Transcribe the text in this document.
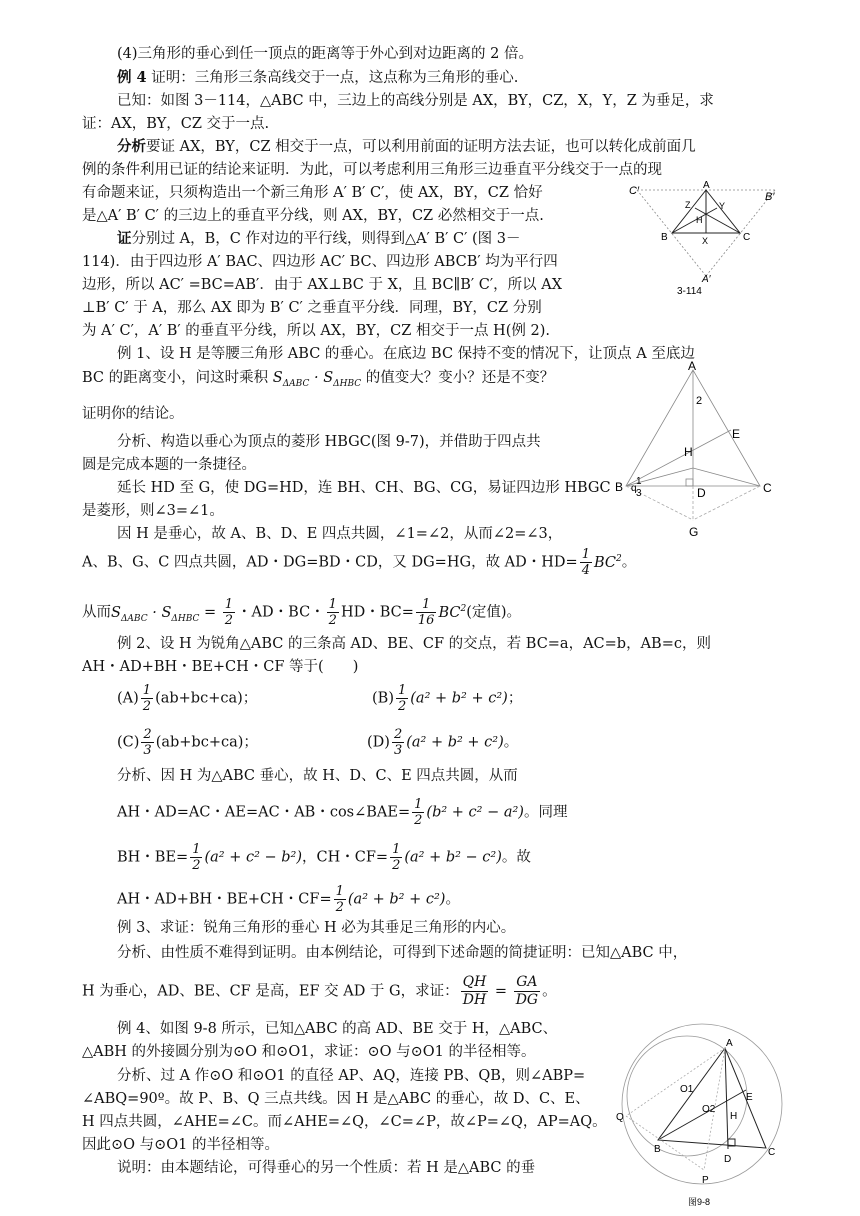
(4)三角形的垂心到任一顶点的距离等于外心到对边距离的 2 倍。
例 4 证明：三角形三条高线交于一点，这点称为三角形的垂心.
已知：如图 3－114，△ABC 中，三边上的高线分别是 AX，BY，CZ，X，Y，Z 为垂足，求
证：AX，BY，CZ 交于一点.
分析要证 AX，BY，CZ 相交于一点，可以利用前面的证明方法去证，也可以转化成前面几
例的条件利用已证的结论来证明．为此，可以考虑利用三角形三边垂直平分线交于一点的现
有命题来证，只须构造出一个新三角形 A′ B′ C′，使 AX，BY，CZ 恰好
是△A′ B′ C′ 的三边上的垂直平分线，则 AX，BY，CZ 必然相交于一点.
证分别过 A，B，C 作对边的平行线，则得到△A′ B′ C′ (图 3－
114)．由于四边形 A′ BAC、四边形 AC′ BC、四边形 ABCB′ 均为平行四
边形，所以 AC′ =BC=AB′．由于 AX⊥BC 于 X，且 BC∥B′ C′，所以 AX
⊥B′ C′ 于 A，那么 AX 即为 B′ C′ 之垂直平分线．同理，BY，CZ 分别
为 A′ C′，A′ B′ 的垂直平分线，所以 AX，BY，CZ 相交于一点 H(例 2).
例 1、设 H 是等腰三角形 ABC 的垂心。在底边 BC 保持不变的情况下，让顶点 A 至底边
BC 的距离变小，问这时乘积 $S_{\Delta ABC} \cdot S_{\Delta HBC}$ 的值变大？变小？还是不变？
证明你的结论。
分析、构造以垂心为顶点的菱形 HBGC(图 9-7)，并借助于四点共
圆是完成本题的一条捷径。
延长 HD 至 G，使 DG=HD，连 BH、CH、BG、CG，易证四边形 HBGC
是菱形，则∠3=∠1。
因 H 是垂心，故 A、B、D、E 四点共圆，∠1=∠2，从而∠2=∠3，
A、B、G、C 四点共圆，AD・DG=BD・CD，又 DG=HG，故 AD・$HD= \frac{1}{4} BC^2$。
从而$S_{\Delta ABC} \cdot S_{\Delta HBC} = \frac{1}{2}$ ・AD・BC・ $\frac{1}{2}$ HD・$BC= \frac{1}{16} BC^2$(定值)。
例 2、设 H 为锐角△ABC 的三条高 AD、BE、CF 的交点，若 BC=a，AC=b，AB=c，则
AH・AD+BH・BE+CH・CF 等于(　　)
$(A) \frac{1}{2} (ab+bc+ca)$；	$(B) \frac{1}{2} (a^2 + b^2 + c^2)$；
$(C) \frac{2}{3} (ab+bc+ca)$；	$(D) \frac{2}{3} (a^2 + b^2 + c^2)$。
分析、因 H 为△ABC 垂心，故 H、D、C、E 四点共圆，从而
AH・AD=AC・AE=AC・AB・cos∠BAE= $\frac{1}{2} (b^2 + c^2 - a^2)$。同理
BH・$BE= \frac{1}{2} (a^2 + c^2 - b^2)$，CH・$CF= \frac{1}{2} (a^2 + b^2 - c^2)$。故
AH・AD+BH・BE+CH・$CF= \frac{1}{2} (a^2 + b^2 + c^2)$。
例 3、求证：锐角三角形的垂心 H 必为其垂足三角形的内心。
分析、由性质不难得到证明。由本例结论，可得到下述命题的简捷证明：已知△ABC 中，
H 为垂心，AD、BE、CF 是高，EF 交 AD 于 G，求证： $\frac{QH}{DH} = \frac{GA}{DG}$ 。
例 4、如图 9-8 所示，已知△ABC 的高 AD、BE 交于 H，△ABC、
△ABH 的外接圆分别为⊙O 和⊙O1，求证：⊙O 与⊙O1 的半径相等。
分析、过 A 作⊙O 和⊙O1 的直径 AP、AQ，连接 PB、QB，则∠ABP=
∠ABQ=90º。故 P、B、Q 三点共线。因 H 是△ABC 的垂心，故 D、C、E、
H 四点共圆，∠AHE=∠C。而∠AHE=∠Q，∠C=∠P，故∠P=∠Q，AP=AQ。
因此⊙O 与⊙O1 的半径相等。
说明：由本题结论，可得垂心的另一个性质：若 H 是△ABC 的垂
A
C′	B′
B	C
Z	Y
H
X
A′
3-114
A
2
E
H
B q
1
3	D	C
G
A
O1
O2
E
H
Q
B
D
C
P
图9-8
